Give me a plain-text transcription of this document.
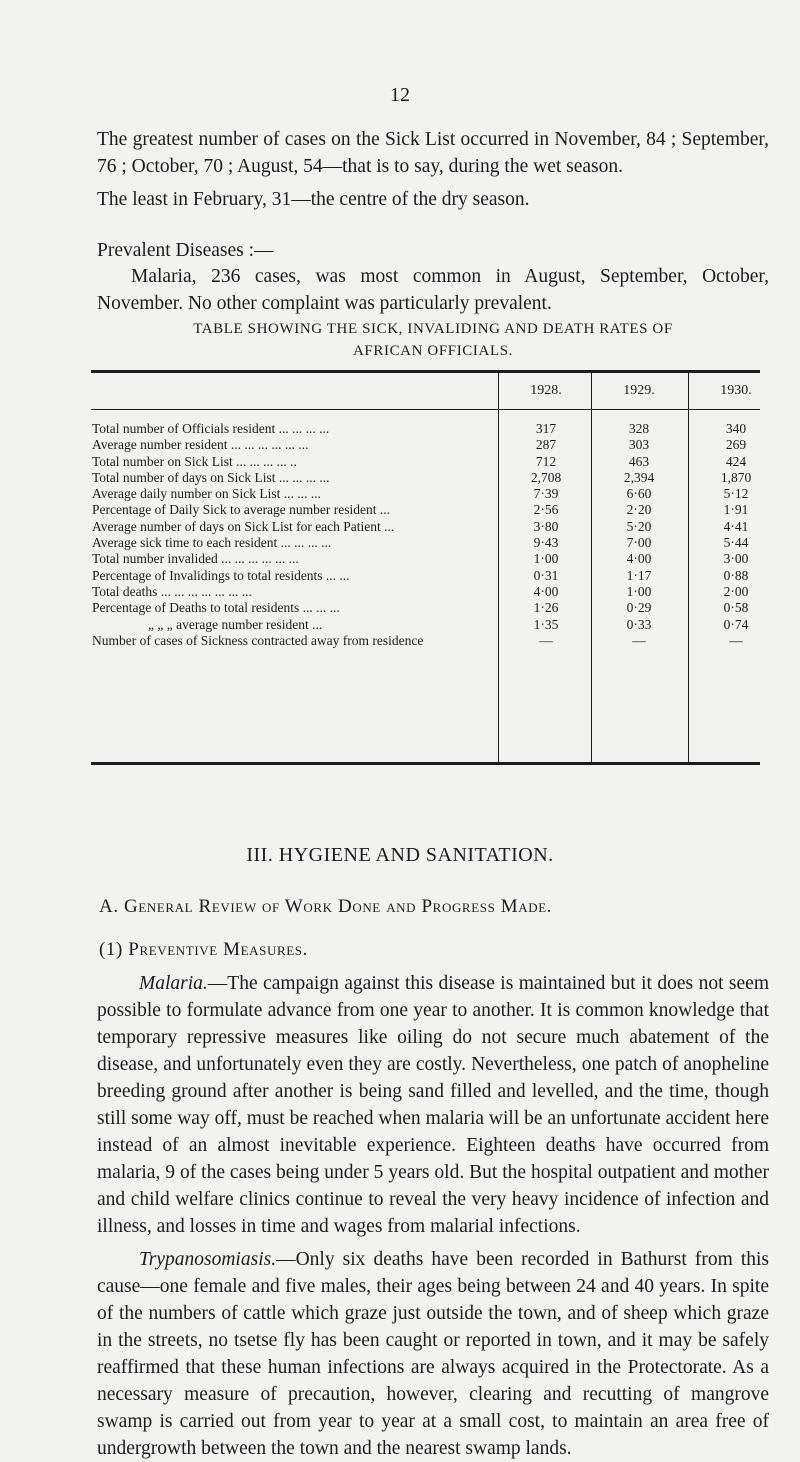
12
The greatest number of cases on the Sick List occurred in November, 84 ; September, 76 ; October, 70 ; August, 54—that is to say, during the wet season.
The least in February, 31—the centre of the dry season.
Prevalent Diseases :—
Malaria, 236 cases, was most common in August, September, October, November. No other complaint was particularly prevalent.
TABLE SHOWING THE SICK, INVALIDING AND DEATH RATES OF
AFRICAN OFFICIALS.
1928.	1929.	1930.
Total number of Officials resident ... ... ... ...	317	328	340
Average number resident ... ... ... ... ... ...	287	303	269
Total number on Sick List ... ... ... ... ..	712	463	424
Total number of days on Sick List ... ... ... ...	2,708	2,394	1,870
Average daily number on Sick List ... ... ...	7·39	6·60	5·12
Percentage of Daily Sick to average number resident ...	2·56	2·20	1·91
Average number of days on Sick List for each Patient ...	3·80	5·20	4·41
Average sick time to each resident ... ... ... ...	9·43	7·00	5·44
Total number invalided ... ... ... ... ... ...	1·00	4·00	3·00
Percentage of Invalidings to total residents ... ...	0·31	1·17	0·88
Total deaths ... ... ... ... ... ... ...	4·00	1·00	2·00
Percentage of Deaths to total residents ... ... ...	1·26	0·29	0·58
„ „ „ average number resident ...	1·35	0·33	0·74
Number of cases of Sickness contracted away from residence	—	—	—
III. HYGIENE AND SANITATION.
A. General Review of Work Done and Progress Made.
(1) Preventive Measures.
Malaria.—The campaign against this disease is maintained but it does not seem possible to formulate advance from one year to another. It is common knowledge that temporary repressive measures like oiling do not secure much abatement of the disease, and unfortunately even they are costly. Nevertheless, one patch of anopheline breeding ground after another is being sand filled and levelled, and the time, though still some way off, must be reached when malaria will be an unfortunate accident here instead of an almost inevitable experience. Eighteen deaths have occurred from malaria, 9 of the cases being under 5 years old. But the hospital outpatient and mother and child welfare clinics continue to reveal the very heavy incidence of infection and illness, and losses in time and wages from malarial infections.
Trypanosomiasis.—Only six deaths have been recorded in Bathurst from this cause—one female and five males, their ages being between 24 and 40 years. In spite of the numbers of cattle which graze just outside the town, and of sheep which graze in the streets, no tsetse fly has been caught or reported in town, and it may be safely reaffirmed that these human infections are always acquired in the Protectorate. As a necessary measure of precaution, however, clearing and recutting of mangrove swamp is carried out from year to year at a small cost, to maintain an area free of undergrowth between the town and the nearest swamp lands.
